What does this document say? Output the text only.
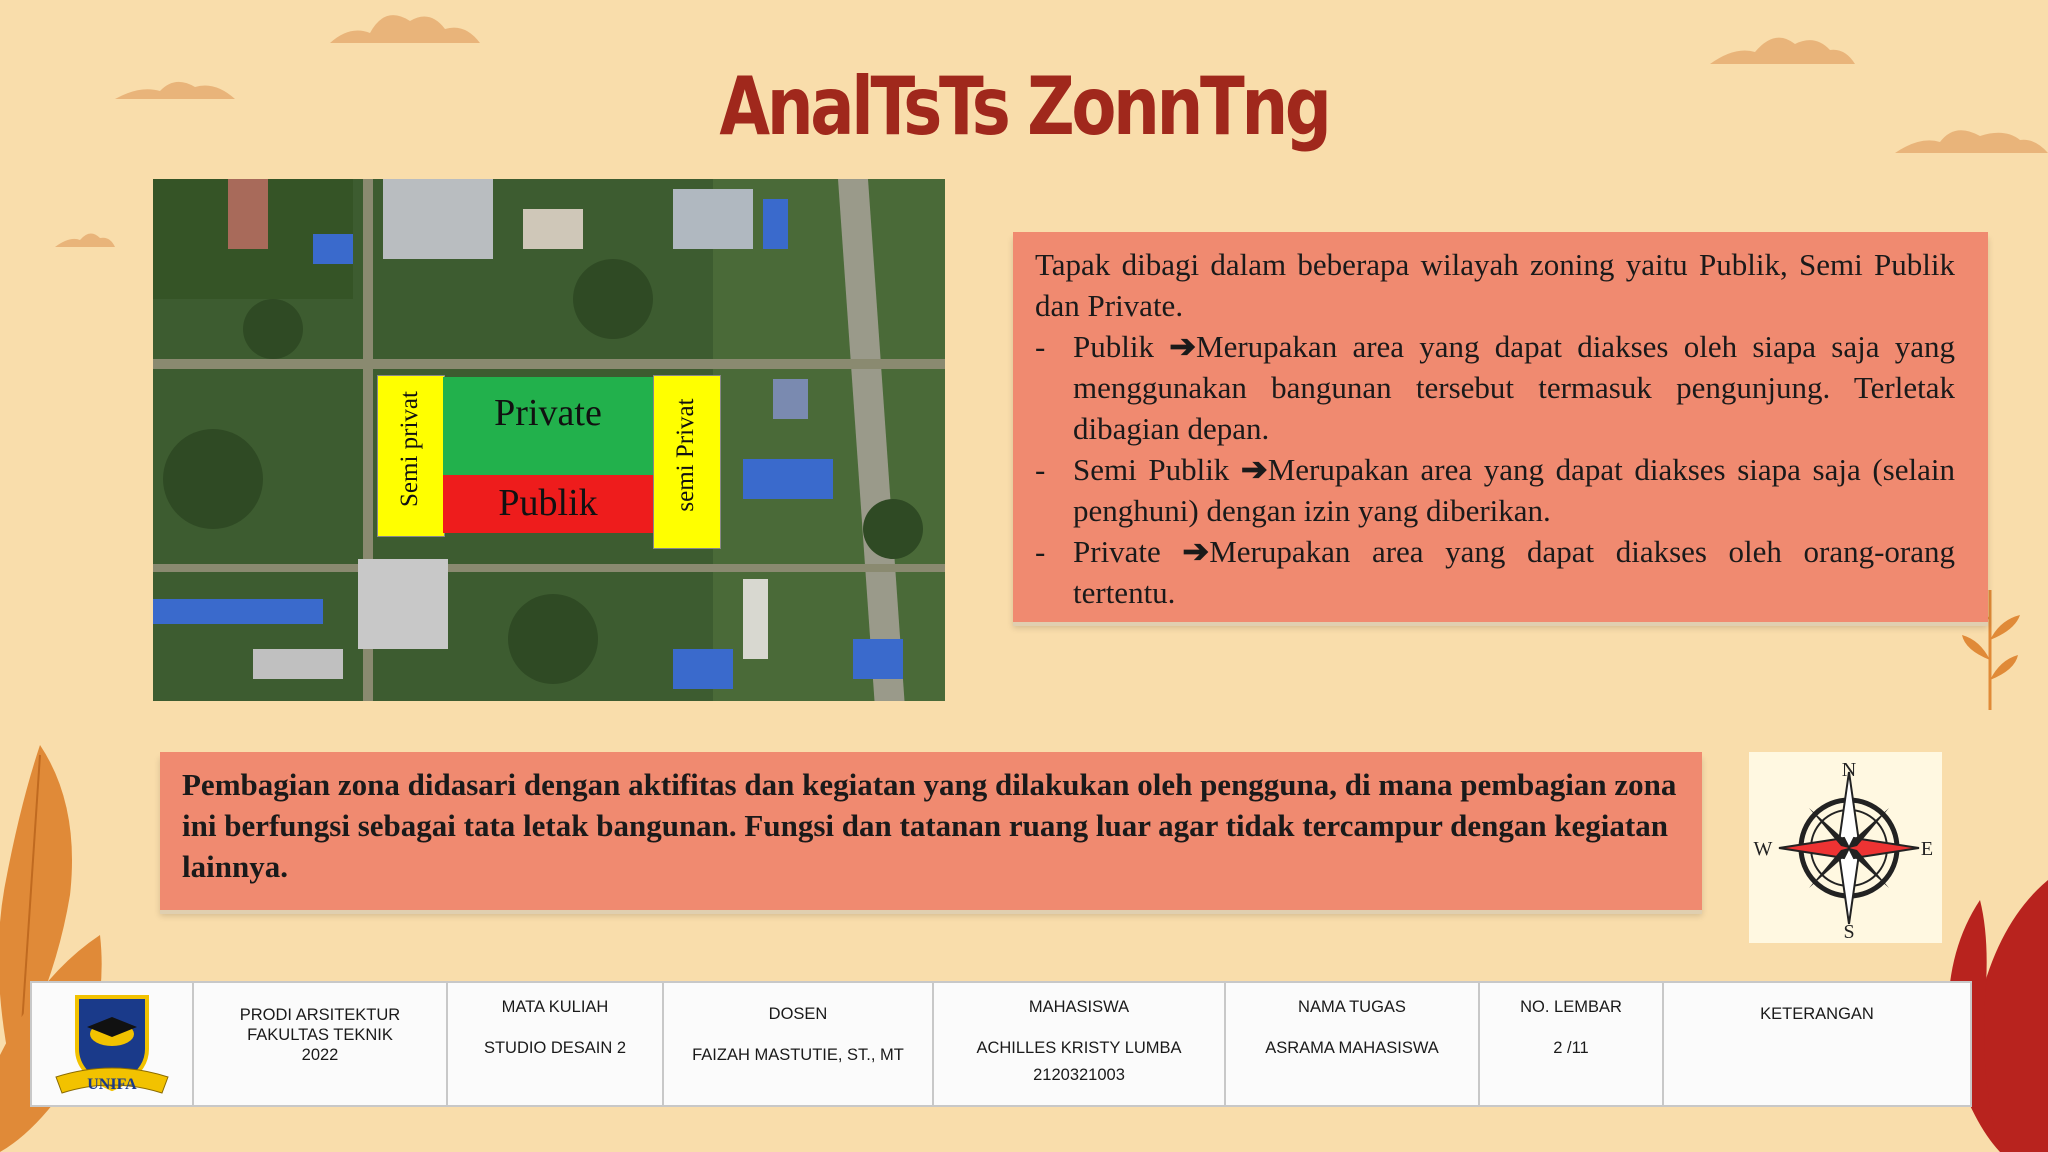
AnalTsTs ZonnTng
Private
Publik
Semi privat	semi Privat
Tapak dibagi dalam beberapa wilayah zoning yaitu Publik, Semi Publik dan Private.
- Publik ➔Merupakan area yang dapat diakses oleh siapa saja yang menggunakan bangunan tersebut termasuk pengunjung. Terletak dibagian depan.
- Semi Publik ➔Merupakan area yang dapat diakses siapa saja (selain penghuni) dengan izin yang diberikan.
- Private ➔Merupakan area yang dapat diakses oleh orang-orang tertentu.

Pembagian zona didasari dengan aktifitas dan kegiatan yang dilakukan oleh pengguna, di mana pembagian zona ini berfungsi sebagai tata letak bangunan. Fungsi dan tatanan ruang luar agar tidak tercampur dengan kegiatan lainnya.

N
S
E
W
UNIFA
PRODI ARSITEKTUR
FAKULTAS TEKNIK
2022
MATA KULIAH
STUDIO DESAIN 2
DOSEN
FAIZAH MASTUTIE, ST., MT
MAHASISWA
ACHILLES KRISTY LUMBA
2120321003
NAMA TUGAS
ASRAMA MAHASISWA
NO. LEMBAR
2 /11
KETERANGAN
